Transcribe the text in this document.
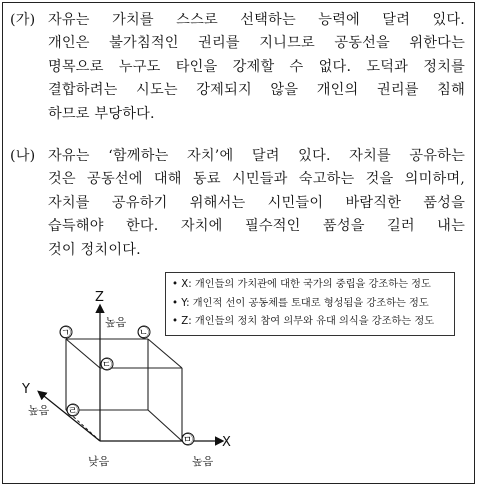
(가) 자유는 가치를 스스로 선택하는 능력에 달려 있다.
개인은 불가침적인 권리를 지니므로 공동선을 위한다는
명목으로 누구도 타인을 강제할 수 없다. 도덕과 정치를
결합하려는 시도는 강제되지 않을 개인의 권리를 침해
하므로 부당하다.
(나) 자유는 ‘함께하는 자치’에 달려 있다. 자치를 공유하는
것은 공동선에 대해 동료 시민들과 숙고하는 것을 의미하며,
자치를 공유하기 위해서는 시민들이 바람직한 품성을
습득해야 한다. 자치에 필수적인 품성을 길러 내는
것이 정치이다.
• X: 개인들의 가치관에 대한 국가의 중립을 강조하는 정도
• Y: 개인적 선이 공동체를 토대로 형성됨을 강조하는 정도
• Z: 개인들의 정치 참여 의무와 유대 의식을 강조하는 정도
㉠	㉡
㉢
㉣
㉤
Z
높음
Y
높음
X
높음
낮음
